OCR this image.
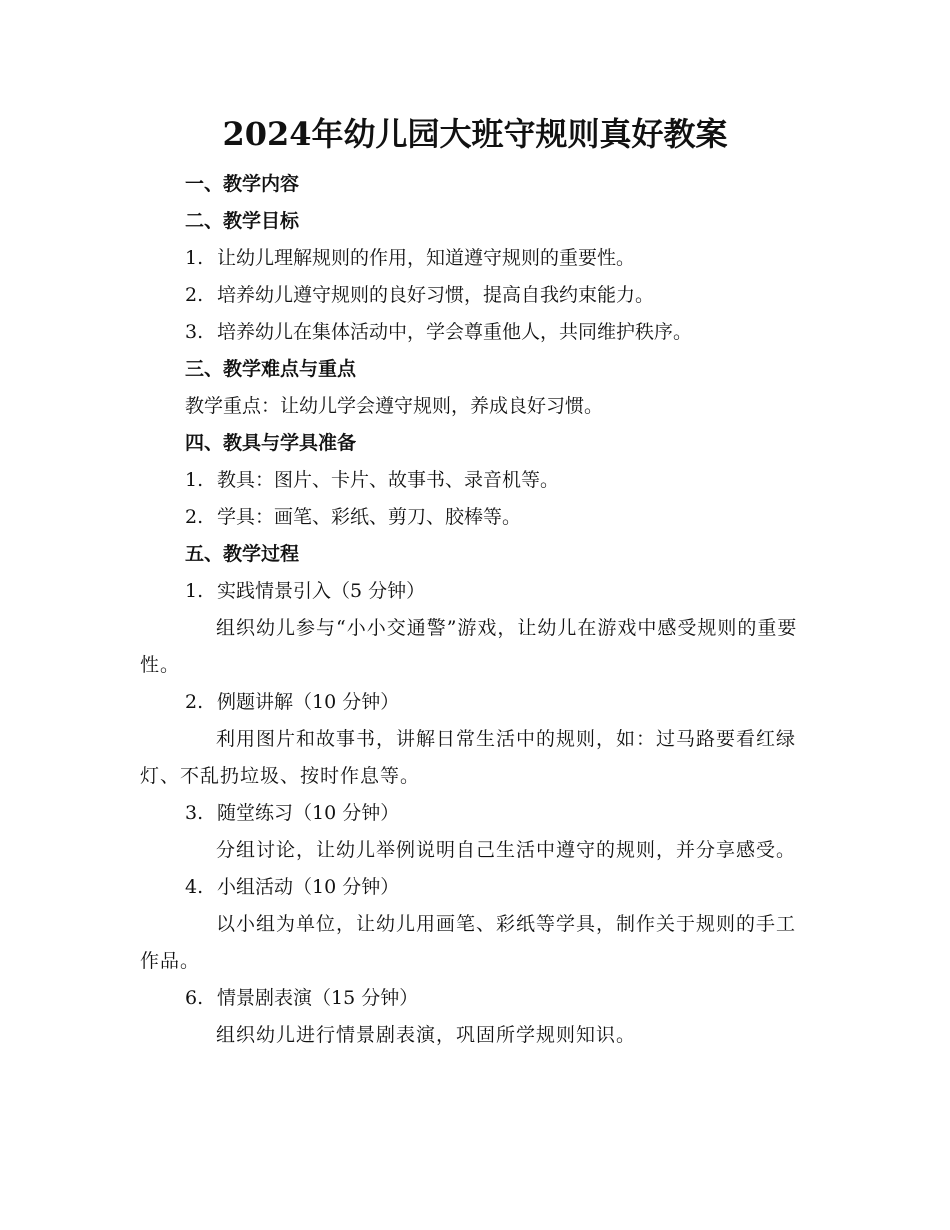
2024年幼儿园大班守规则真好教案
一、教学内容
二、教学目标
1. 让幼儿理解规则的作用，知道遵守规则的重要性。
2. 培养幼儿遵守规则的良好习惯，提高自我约束能力。
3. 培养幼儿在集体活动中，学会尊重他人，共同维护秩序。
三、教学难点与重点
教学重点：让幼儿学会遵守规则，养成良好习惯。
四、教具与学具准备
1. 教具：图片、卡片、故事书、录音机等。
2. 学具：画笔、彩纸、剪刀、胶棒等。
五、教学过程
1. 实践情景引入（5 分钟）
组织幼儿参与“小小交通警”游戏，让幼儿在游戏中感受规则的重要性。
2. 例题讲解（10 分钟）
利用图片和故事书，讲解日常生活中的规则，如：过马路要看红绿灯、不乱扔垃圾、按时作息等。
3. 随堂练习（10 分钟）
分组讨论，让幼儿举例说明自己生活中遵守的规则，并分享感受。
4. 小组活动（10 分钟）
以小组为单位，让幼儿用画笔、彩纸等学具，制作关于规则的手工作品。
6. 情景剧表演（15 分钟）
组织幼儿进行情景剧表演，巩固所学规则知识。
